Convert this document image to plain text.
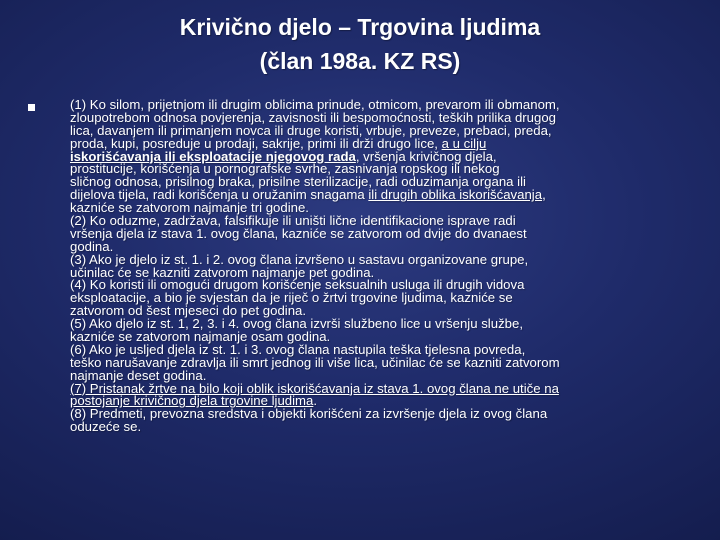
Krivično djelo – Trgovina ljudima
(član 198a. KZ RS)
(1) Ko silom, prijetnjom ili drugim oblicima prinude, otmicom, prevarom ili obmanom,
zloupotrebom odnosa povjerenja, zavisnosti ili bespomoćnosti, teških prilika drugog
lica, davanjem ili primanjem novca ili druge koristi, vrbuje, preveze, prebaci, preda,
proda, kupi, posreduje u prodaji, sakrije, primi ili drži drugo lice, a u cilju
iskorišćavanja ili eksploatacije njegovog rada, vršenja krivičnog djela,
prostitucije, korišćenja u pornografske svrhe, zasnivanja ropskog ili nekog
sličnog odnosa, prisilnog braka, prisilne sterilizacije, radi oduzimanja organa ili
dijelova tijela, radi korišćenja u oružanim snagama ili drugih oblika iskorišćavanja,
kazniće se zatvorom najmanje tri godine.
(2) Ko oduzme, zadržava, falsifikuje ili uništi lične identifikacione isprave radi
vršenja djela iz stava 1. ovog člana, kazniće se zatvorom od dvije do dvanaest
godina.
(3) Ako je djelo iz st. 1. i 2. ovog člana izvršeno u sastavu organizovane grupe,
učinilac će se kazniti zatvorom najmanje pet godina.
(4) Ko koristi ili omogući drugom korišćenje seksualnih usluga ili drugih vidova
eksploatacije, a bio je svjestan da je riječ o žrtvi trgovine ljudima, kazniće se
zatvorom od šest mjeseci do pet godina.
(5) Ako djelo iz st. 1, 2, 3. i 4. ovog člana izvrši službeno lice u vršenju službe,
kazniće se zatvorom najmanje osam godina.
(6) Ako je uslјed djela iz st. 1. i 3. ovog člana nastupila teška tjelesna povreda,
teško narušavanje zdravlja ili smrt jednog ili više lica, učinilac će se kazniti zatvorom
najmanje deset godina.
(7) Pristanak žrtve na bilo koji oblik iskorišćavanja iz stava 1. ovog člana ne utiče na
postojanje krivičnog djela trgovine ljudima.
(8) Predmeti, prevozna sredstva i objekti korišćeni za izvršenje djela iz ovog člana
oduzeće se.
